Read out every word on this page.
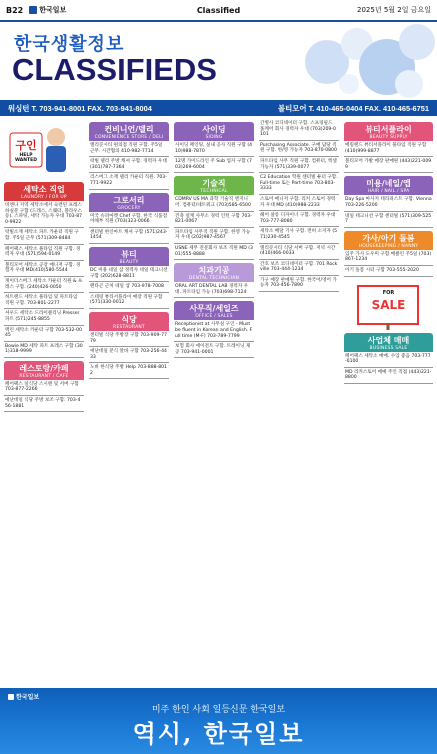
B22 한국일보	Classified	2025년 5월 2일 금요일
한국생활정보
CLASSIFIEDS
워싱턴 T. 703-941-8001 FAX. 703-941-8004	볼티모어 T. 410-465-0404 FAX. 410-465-6751
구인
HELP WANTED
세탁소 직업
LAUNDRY / FOR UP
비엔나 지역 세탁소에서 숙련된 프레스 하실분 구함 (드레스, 스웨터, 블라우스 등). 스파팅, 세탁 가능자 우대 703-870-9922
락빌소재 세탁소 파트 카운터 직원 구함. 주5일 근무 (571)309-8484
페어팩스 세탁소 풀타임 직원 구함. 경력자 우대 (571)594-0149
볼티모어 세탁소 공장 매니저 구함. 경험자 우대 MD(410)580-5544
게이더스버그 세탁소 카운터 직원 & 프레스 구함. (240)426-0050
허트랜드 세탁소 풀타임 및 파트타임 직원 구함. 703-801-2277
셔우드 세탁소 드라이클리닝 Presser 파트 (571)245-8855
맥린 세탁소 카운터 구함 703-532-0045
Bowie MD 세탁 파트 프레스 구함 (301)318-9999
레스토랑/카페
RESTAURANT / CAFE
페어팩스 일식당 스시맨 및 서버 구함 703-877-2266
애난데일 식당 주방 보조 구함. 703-456-1881
컨비니언/델리
CONVENIENCE STORE / DELI
엘리콧시티 편의점 직원 구함. 주5일 근무. 시간협의 410-982-7714
락빌 델리 주방 캐셔 구함. 경력자 우대 (301)787-7364
리스버그 소재 델리 카운터 직원. 703-771-9922
그로서리
GROCERY
미국 슈퍼마켓 Chef 구함. 한국 식품점 야채부 직원 (703)323-0066
센터빌 한인마트 캐셔 구함 (571)243-1454
뷰티
BEAUTY
DC 미용 네일 샵 경력자 네일 테크니션 구함 (202)628-8811
펜타곤 근처 네일 샵 703-978-7008
스테링 뷰티서플라이 매장 직원 구함 (571)330-0012
식당
RESTAURANT
센터빌 식당 주방장 구함 703-909-7779
애난데일 분식 알바 구함 703-256-4433
노바 한식당 주방 Help 703-888-8012
사이딩
SIDING
사이딩 페인팅, 실내 공사 직원 구함 (410)988-7870
12명 가이드라인 주 Sub 업자 구함 (703)269-6004
기술직
TECHNICAL
CDMRV US MA 과학 기술직 엔지니어. 컴퓨터/네트워크 (703)585-6500
건축 설계 사무소 경력 인턴 구함 703-821-0067
파트타임 사무직 직원 구함. 한영 가능자 우대 (202)987-4567
USNE 세무 전문회사 보조 직원 MD (301)555-8888
치과기공
DENTAL TECHNICIAN
ORAL ART DENTAL LAB 경력자 우대. 파트타임 가능 (703)698-7124
사무직/세일즈
OFFICE / SALES
Receptionist at 사무실 구인 - Must be fluent in Korean and English. Full time (M-F) 703-789-7799
보험 회사 에이전트 구함. 트레이닝 제공 703-941-0001
간병사 코디네이터 구함. 스프링필드 홈케어 회사 경력자 우대 (703)209-0101
Purchasing Associate. 구매 담당 직원 구함. 한/영 가능자 703-870-0800
파트타임 사무 직원 구함. 컴퓨터, 엑셀 가능자 (571)339-0077
C2 Education 학원 센터빌 튜터 구함. Full-time 또는 Part-time 703-803-3333
스토어 매니저 구함. 리커 스토어 경력자 우대 MD (410)988-2233
헤어 살롱 디자이너 구함. 경력자 우대 703-777-8080
세탁소 배달 기사 구함. 면허 소지자 (571)230-4545
엘리콧시티 식당 서버 구함. 저녁 시간 (410)466-0033
간호 보조 코디네이터 구함. 701 Rockville 703-444-1234
가구 매장 판매원 구함. 한국어/영어 가능자 703-456-7890
뷰티서플라이
BEAUTY SUPPLY
메릴랜드 뷰티서플라이 풀타임 직원 구함 (410)999-8877
볼티모어 가발 매장 판매원 (443)221-0099
미용/네일/앱
HAIR / NAIL / SPA
Day Spa 마사지 테라피스트 구함. Vienna 703-226-5200
네일 테크니션 구함 센터빌 (571)309-5257
가사/아기 돌봄
HOUSEKEEPING / NANNY
입주 가사 도우미 구함 매클린 주5일 (703)867-1234
아기 돌봄 시터 구함 703-555-2020
FOR
SALE
사업체 매매
BUSINESS SALE
페어팩스 세탁소 매매. 수입 좋음 703-777-0100
MD 리커스토어 매매 주인 직접 (443)221-8800
한국일보
미주 한인 사회 일등신문 한국일보
역시, 한국일보
